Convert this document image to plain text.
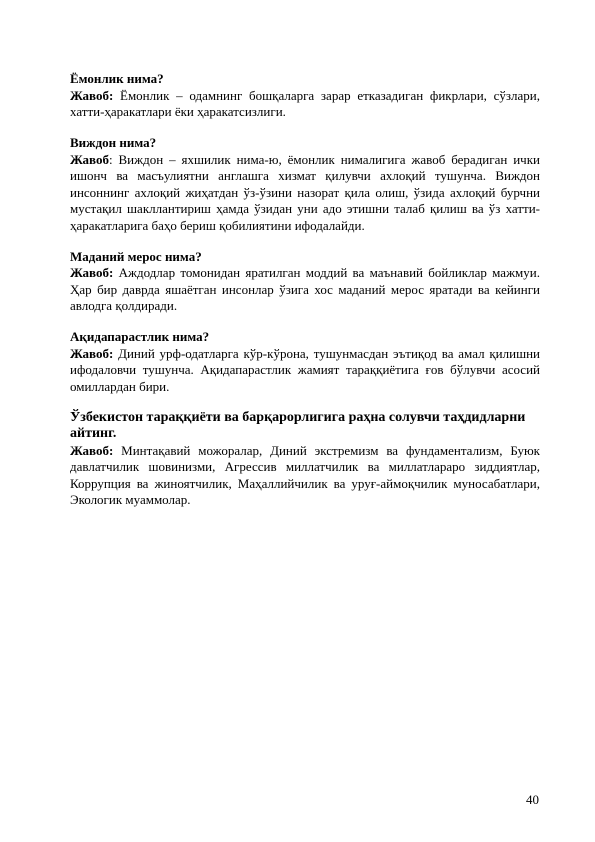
Ёмонлик нима?

Жавоб: Ёмонлик – одамнинг бошқаларга зарар етказадиган фикрлари, сўзлари, хатти-ҳаракатлари ёки ҳаракатсизлиги.

Виждон нима?

Жавоб: Виждон – яхшилик нима-ю, ёмонлик нималигига жавоб берадиган ички ишонч ва масъулиятни англашга хизмат қилувчи ахлоқий тушунча. Виждон инсоннинг ахлоқий жиҳатдан ўз-ўзини назорат қила олиш, ўзида ахлоқий бурчни мустақил шакллантириш ҳамда ўзидан уни адо этишни талаб қилиш ва ўз хатти-ҳаракатларига баҳо бериш қобилиятини ифодалайди.

Маданий мерос нима?

Жавоб: Аждодлар томонидан яратилган моддий ва маънавий бойликлар мажмуи. Ҳар бир даврда яшаётган инсонлар ўзига хос маданий мерос яратади ва кейинги авлодга қолдиради.

Ақидапарастлик нима?

Жавоб: Диний урф-одатларга кўр-кўрона, тушунмасдан эътиқод ва амал қилишни ифодаловчи тушунча. Ақидапарастлик жамият тараққиётига ғов бўлувчи асосий омиллардан бири.

Ўзбекистон тараққиёти ва барқарорлигига раҳна солувчи таҳдидларни айтинг.

Жавоб: Минтақавий можоралар, Диний экстремизм ва фундаментализм, Буюк давлатчилик шовинизми, Агрессив миллатчилик ва миллатлараро зиддиятлар, Коррупция ва жиноятчилик, Маҳаллийчилик ва уруғ-аймоқчилик муносабатлари, Экологик муаммолар.

40
